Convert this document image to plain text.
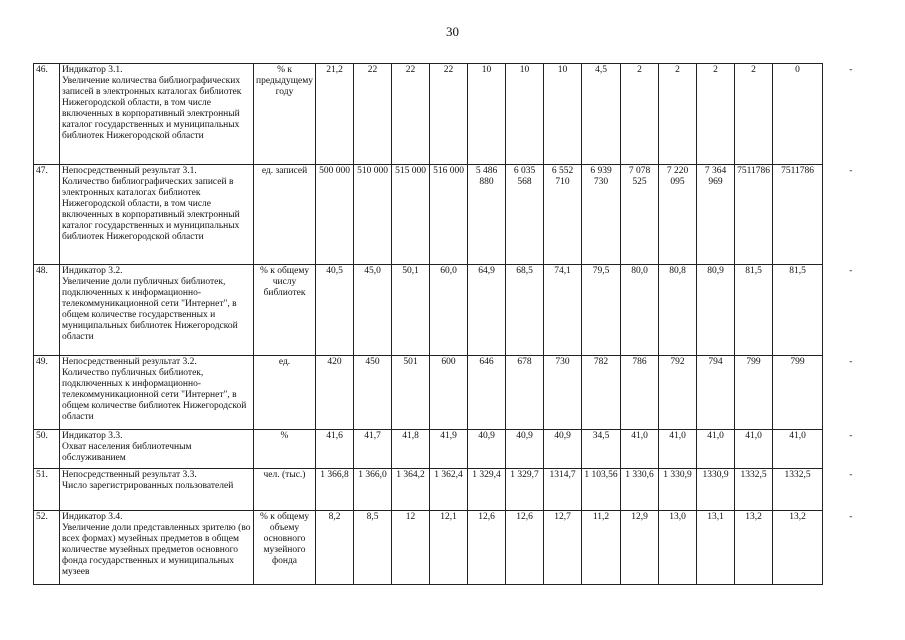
30
46.	Индикатор 3.1.
Увеличение количества библиографических записей в электронных каталогах библиотек Нижегородской области, в том числе включенных в корпоративный электронный каталог государственных и муниципальных библиотек Нижегородской области	% к предыдущему году	21,2	22	22	22	10	10	10	4,5	2	2	2	2	0	-
47.	Непосредственный результат 3.1.
Количество библиографических записей в электронных каталогах библиотек Нижегородской области, в том числе включенных в корпоративный электронный каталог государственных и муниципальных библиотек Нижегородской области	ед. записей	500 000	510 000	515 000	516 000	5 486 880	6 035 568	6 552 710	6 939 730	7 078 525	7 220 095	7 364 969	7511786	7511786	-
48.	Индикатор 3.2.
Увеличение доли публичных библиотек, подключенных к информационно-телекоммуникационной сети "Интернет", в общем количестве государственных и муниципальных библиотек Нижегородской области	% к общему числу библиотек	40,5	45,0	50,1	60,0	64,9	68,5	74,1	79,5	80,0	80,8	80,9	81,5	81,5	-
49.	Непосредственный результат 3.2.
Количество публичных библиотек, подключенных к информационно-телекоммуникационной сети "Интернет", в общем количестве библиотек Нижегородской области	ед.	420	450	501	600	646	678	730	782	786	792	794	799	799	-
50.	Индикатор 3.3.
Охват населения библиотечным обслуживанием	%	41,6	41,7	41,8	41,9	40,9	40,9	40,9	34,5	41,0	41,0	41,0	41,0	41,0	-
51.	Непосредственный результат 3.3.
Число зарегистрированных пользователей	чел. (тыс.)	1 366,8	1 366,0	1 364,2	1 362,4	1 329,4	1 329,7	1314,7	1 103,56	1 330,6	1 330,9	1330,9	1332,5	1332,5	-
52.	Индикатор 3.4.
Увеличение доли представленных зрителю (во всех формах) музейных предметов в общем количестве музейных предметов основного фонда государственных и муниципальных музеев	% к общему объему основного музейного фонда	8,2	8,5	12	12,1	12,6	12,6	12,7	11,2	12,9	13,0	13,1	13,2	13,2	-
